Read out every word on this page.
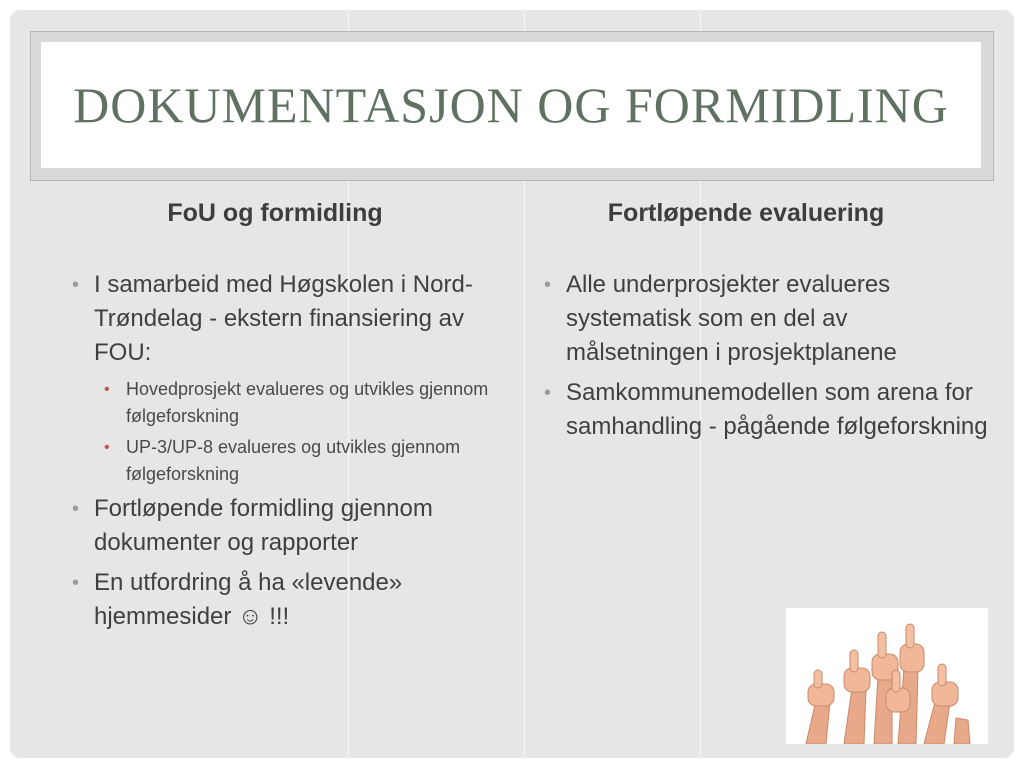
DOKUMENTASJON OG FORMIDLING
FoU og formidling	Fortløpende evaluering
• I samarbeid med Høgskolen i Nord-Trøndelag - ekstern finansiering av FOU:
• Hovedprosjekt evalueres og utvikles gjennom følgeforskning
• UP-3/UP-8 evalueres og utvikles gjennom følgeforskning
• Fortløpende formidling gjennom dokumenter og rapporter
• En utfordring å ha «levende» hjemmesider ☺ !!!
• Alle underprosjekter evalueres systematisk som en del av målsetningen i prosjektplanene
• Samkommunemodellen som arena for samhandling - pågående følgeforskning
